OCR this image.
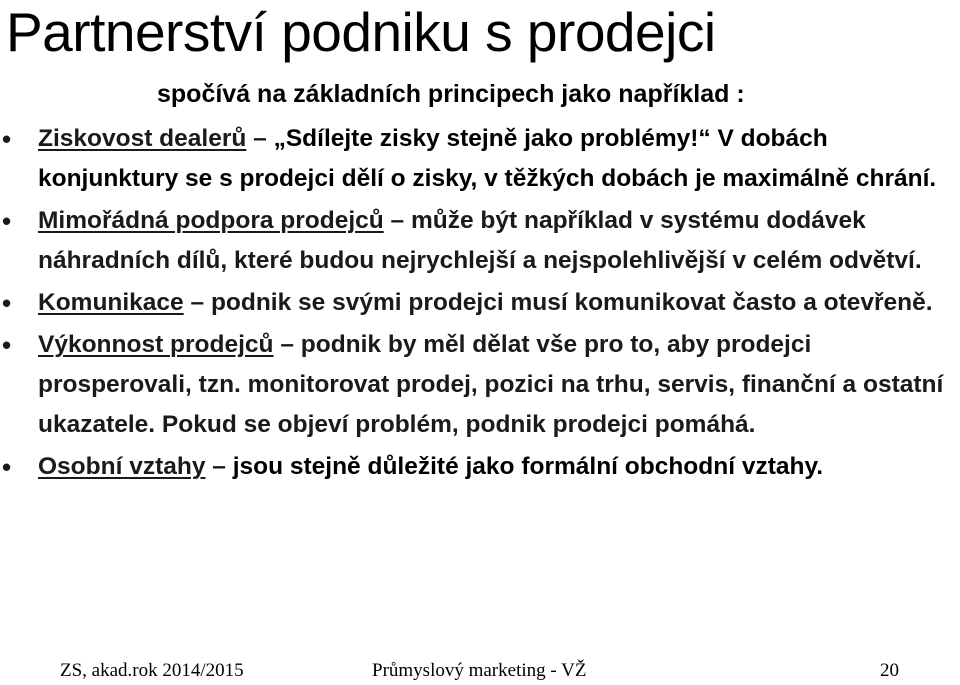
Partnerství podniku s prodejci

spočívá na základních principech jako například :

• Ziskovost dealerů – „Sdílejte zisky stejně jako problémy!“ V dobách konjunktury se s prodejci dělí o zisky, v těžkých dobách je maximálně chrání.
• Mimořádná podpora prodejců – může být například v systému dodávek náhradních dílů, které budou nejrychlejší a nejspolehlivější v celém odvětví.
• Komunikace – podnik se svými prodejci musí komunikovat často a otevřeně.
• Výkonnost prodejců – podnik by měl dělat vše pro to, aby prodejci prosperovali, tzn. monitorovat prodej, pozici na trhu, servis, finanční a ostatní ukazatele. Pokud se objeví problém, podnik prodejci pomáhá.
• Osobní vztahy – jsou stejně důležité jako formální obchodní vztahy.
ZS, akad.rok 2014/2015	Průmyslový marketing - VŽ	20
